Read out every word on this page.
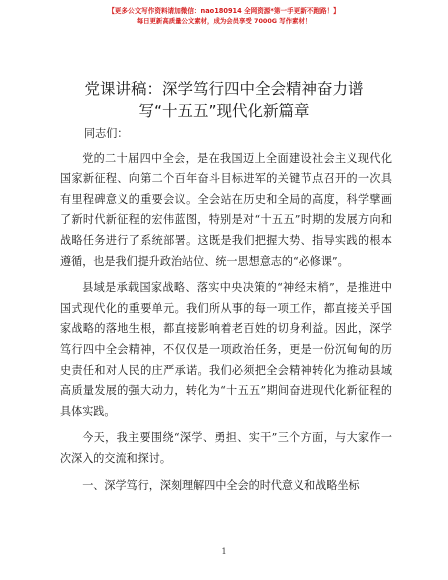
【更多公文写作资料请加微信：nao180914 全网资源*第一手更新不跑路！】
每日更新高质量公文素材，成为会员享受 7000G 写作素材！
党课讲稿：深学笃行四中全会精神奋力谱
写“十五五”现代化新篇章

同志们：

党的二十届四中全会，是在我国迈上全面建设社会主义现代化国家新征程、向第二个百年奋斗目标进军的关键节点召开的一次具有里程碑意义的重要会议。全会站在历史和全局的高度，科学擘画了新时代新征程的宏伟蓝图，特别是对“十五五”时期的发展方向和战略任务进行了系统部署。这既是我们把握大势、指导实践的根本遵循，也是我们提升政治站位、统一思想意志的“必修课”。

县域是承载国家战略、落实中央决策的“神经末梢”，是推进中国式现代化的重要单元。我们所从事的每一项工作，都直接关乎国家战略的落地生根，都直接影响着老百姓的切身利益。因此，深学笃行四中全会精神，不仅仅是一项政治任务，更是一份沉甸甸的历史责任和对人民的庄严承诺。我们必须把全会精神转化为推动县域高质量发展的强大动力，转化为“十五五”期间奋进现代化新征程的具体实践。

今天，我主要围绕“深学、勇担、实干”三个方面，与大家作一次深入的交流和探讨。

一、深学笃行，深刻理解四中全会的时代意义和战略坐标

1
